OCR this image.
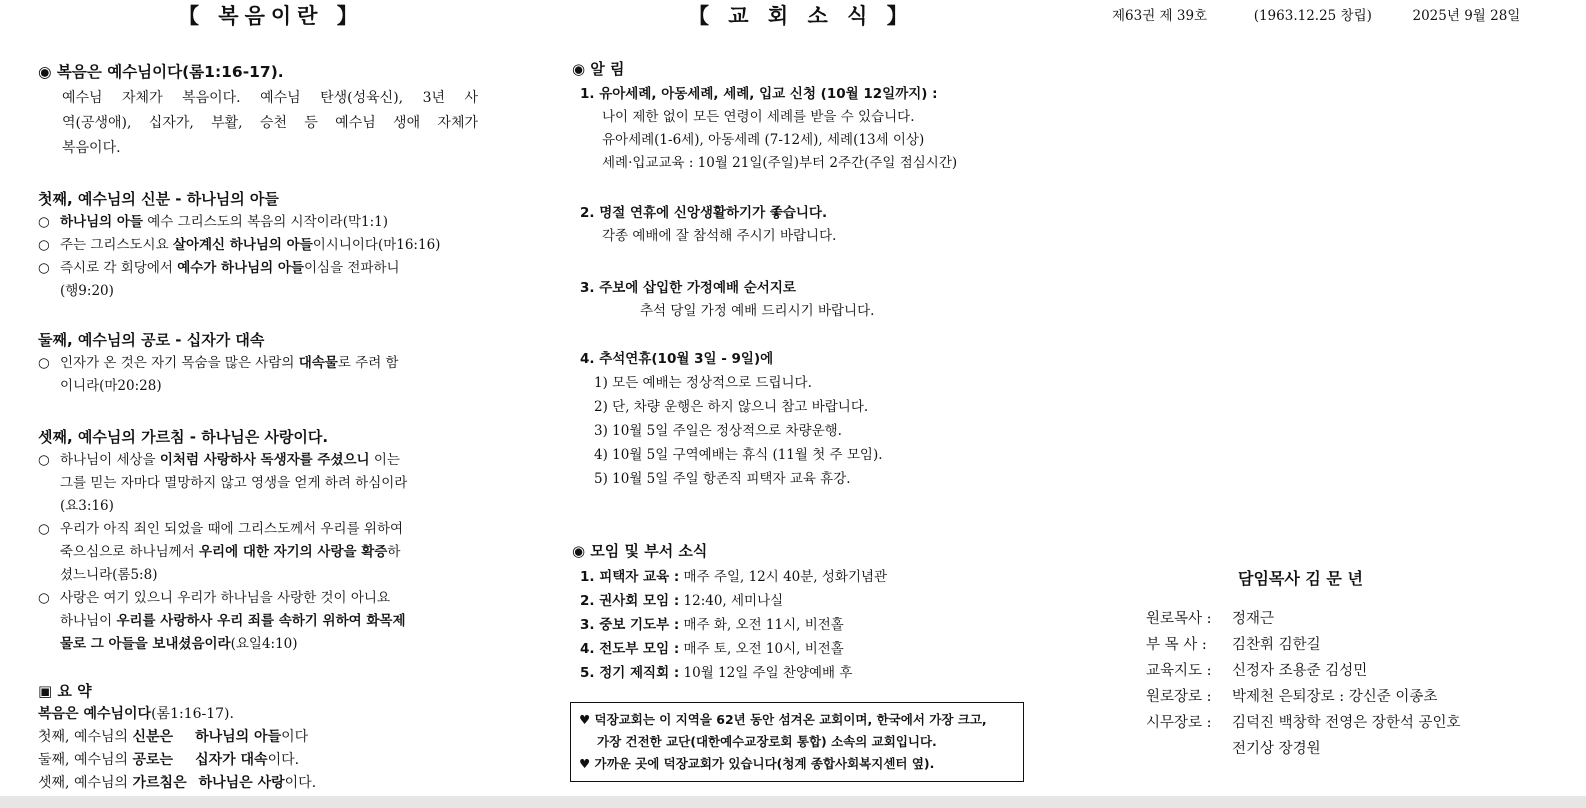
【 복음이란 】	【 교 회 소 식 】	제63권 제 39호	(1963.12.25 창립)	2025년 9월 28일

◉ 복음은 예수님이다(롬1:16-17).

예수님 자체가 복음이다. 예수님 탄생(성육신), 3년 사

역(공생애), 십자가, 부활, 승천 등 예수님 생애 자체가

복음이다.

첫째, 예수님의 신분 - 하나님의 아들

○ 하나님의 아들 예수 그리스도의 복음의 시작이라(막1:1)

○ 주는 그리스도시요 살아계신 하나님의 아들이시니이다(마16:16)

○ 즉시로 각 회당에서 예수가 하나님의 아들이심을 전파하니

(행9:20)

둘째, 예수님의 공로 - 십자가 대속

○ 인자가 온 것은 자기 목숨을 많은 사람의 대속물로 주려 함

이니라(마20:28)

셋째, 예수님의 가르침 - 하나님은 사랑이다.

○ 하나님이 세상을 이처럼 사랑하사 독생자를 주셨으니 이는

그를 믿는 자마다 멸망하지 않고 영생을 얻게 하려 하심이라

(요3:16)

○ 우리가 아직 죄인 되었을 때에 그리스도께서 우리를 위하여

죽으심으로 하나님께서 우리에 대한 자기의 사랑을 확증하

셨느니라(롬5:8)

○ 사랑은 여기 있으니 우리가 하나님을 사랑한 것이 아니요

하나님이 우리를 사랑하사 우리 죄를 속하기 위하여 화목제

물로 그 아들을 보내셨음이라(요일4:10)

▣ 요 약

복음은 예수님이다(롬1:16-17).

첫째, 예수님의 신분은 하나님의 아들이다

둘째, 예수님의 공로는 십자가 대속이다.

셋째, 예수님의 가르침은 하나님은 사랑이다.

◉ 알 림

1. 유아세례, 아동세례, 세례, 입교 신청 (10월 12일까지) :

나이 제한 없이 모든 연령이 세례를 받을 수 있습니다.

유아세례(1-6세), 아동세례 (7-12세), 세례(13세 이상)

세례·입교교육 : 10월 21일(주일)부터 2주간(주일 점심시간)

2. 명절 연휴에 신앙생활하기가 좋습니다.

각종 예배에 잘 참석해 주시기 바랍니다.

3. 주보에 삽입한 가정예배 순서지로

추석 당일 가정 예배 드리시기 바랍니다.

4. 추석연휴(10월 3일 - 9일)에

1) 모든 예배는 정상적으로 드립니다.

2) 단, 차량 운행은 하지 않으니 참고 바랍니다.

3) 10월 5일 주일은 정상적으로 차량운행.

4) 10월 5일 구역예배는 휴식 (11월 첫 주 모임).

5) 10월 5일 주일 항존직 피택자 교육 휴강.

◉ 모임 및 부서 소식

1. 피택자 교육 : 매주 주일, 12시 40분, 성화기념관

2. 권사회 모임 : 12:40, 세미나실

3. 중보 기도부 : 매주 화, 오전 11시, 비전홀

4. 전도부 모임 : 매주 토, 오전 10시, 비전홀

5. 정기 제직회 : 10월 12일 주일 찬양예배 후

♥ 덕장교회는 이 지역을 62년 동안 섬겨온 교회이며, 한국에서 가장 크고,
가장 건전한 교단(대한예수교장로회 통합) 소속의 교회입니다.
♥ 가까운 곳에 덕장교회가 있습니다(청계 종합사회복지센터 옆).
담임목사 김 문 년
원로목사 : 정재근
부 목 사 : 김찬휘 김한길
교육지도 : 신정자 조용준 김성민
원로장로 : 박제천 은퇴장로 : 강신준 이종초
시무장로 : 김덕진 백창학 전영은 장한석 공인호
전기상 장경원
